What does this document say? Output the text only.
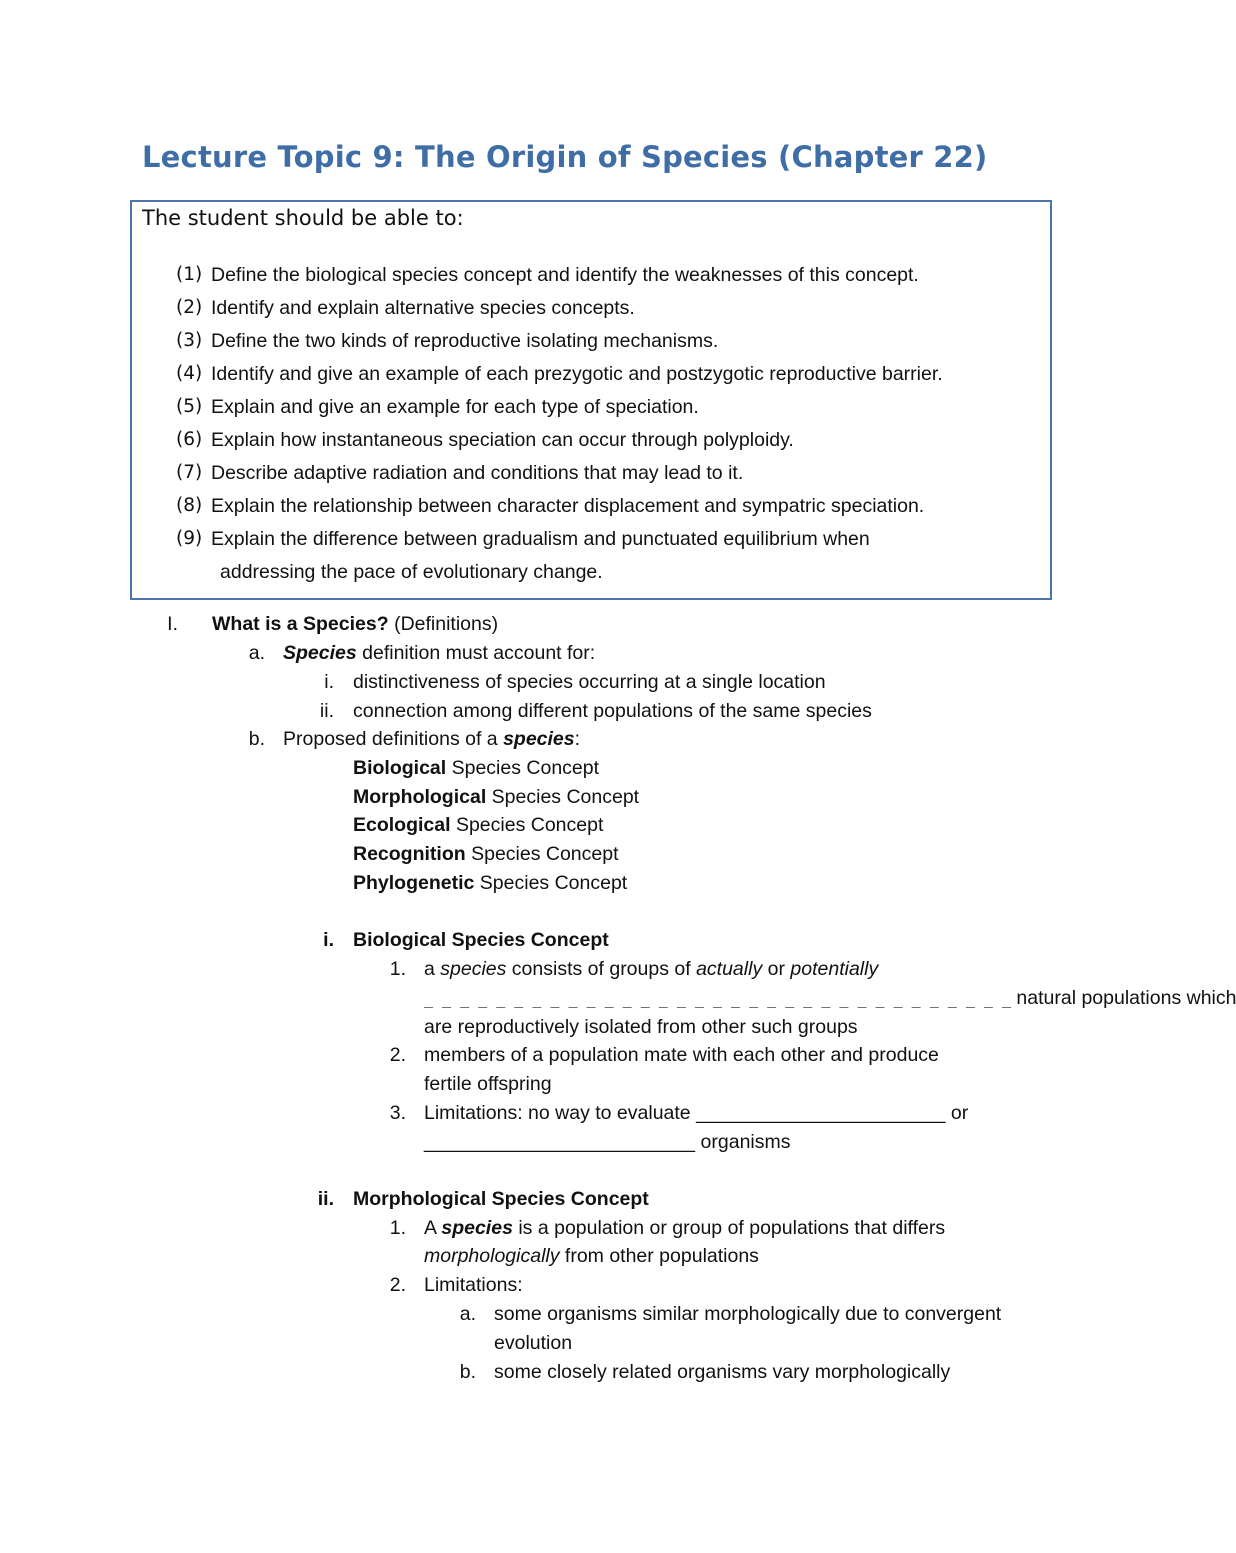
Lecture Topic 9: The Origin of Species (Chapter 22)
The student should be able to:
(1) Define the biological species concept and identify the weaknesses of this concept.
(2) Identify and explain alternative species concepts.
(3) Define the two kinds of reproductive isolating mechanisms.
(4) Identify and give an example of each prezygotic and postzygotic reproductive barrier.
(5) Explain and give an example for each type of speciation.
(6) Explain how instantaneous speciation can occur through polyploidy.
(7) Describe adaptive radiation and conditions that may lead to it.
(8) Explain the relationship between character displacement and sympatric speciation.
(9) Explain the difference between gradualism and punctuated equilibrium when
addressing the pace of evolutionary change.
I. What is a Species? (Definitions)
a. Species definition must account for:
i. distinctiveness of species occurring at a single location
ii. connection among different populations of the same species
b. Proposed definitions of a species:
Biological Species Concept
Morphological Species Concept
Ecological Species Concept
Recognition Species Concept
Phylogenetic Species Concept
i. Biological Species Concept
1. a species consists of groups of actually or potentially
_ _ _ _ _ _ _ _ _ _ _ _ _ _ _ _ _ _ _ _ _ _ _ _ _ _ _ _ _ _ _ _ _ natural populations which
are reproductively isolated from other such groups
2. members of a population mate with each other and produce
fertile offspring
3. Limitations: no way to evaluate _______________________ or
_________________________ organisms
ii. Morphological Species Concept
1. A species is a population or group of populations that differs
morphologically from other populations
2. Limitations:
a. some organisms similar morphologically due to convergent
evolution
b. some closely related organisms vary morphologically
